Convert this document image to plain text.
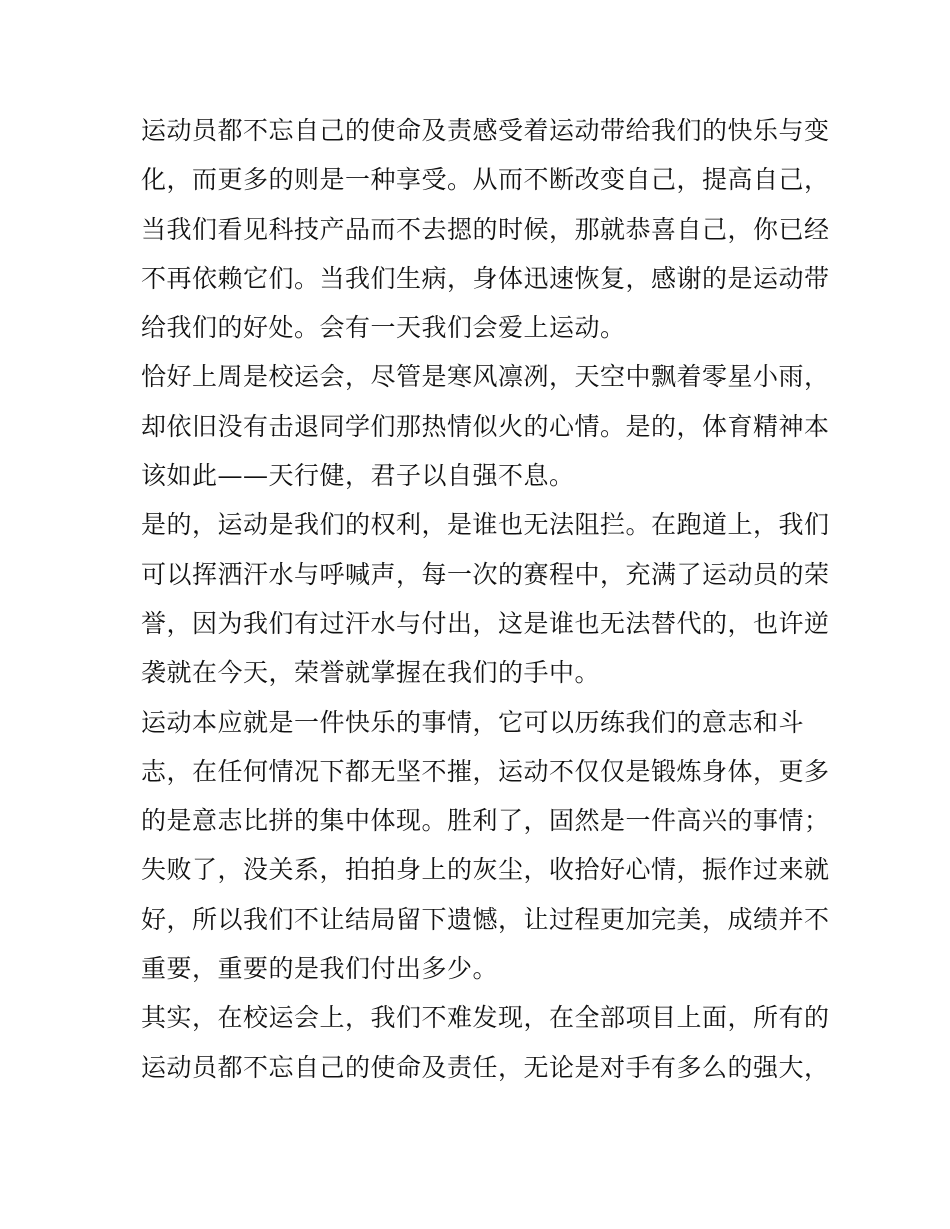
运动员都不忘自己的使命及责感受着运动带给我们的快乐与变
化，而更多的则是一种享受。从而不断改变自己，提高自己，
当我们看见科技产品而不去摁的时候，那就恭喜自己，你已经
不再依赖它们。当我们生病，身体迅速恢复，感谢的是运动带
给我们的好处。会有一天我们会爱上运动。
恰好上周是校运会，尽管是寒风凛冽，天空中飘着零星小雨，
却依旧没有击退同学们那热情似火的心情。是的，体育精神本
该如此——天行健，君子以自强不息。
是的，运动是我们的权利，是谁也无法阻拦。在跑道上，我们
可以挥洒汗水与呼喊声，每一次的赛程中，充满了运动员的荣
誉，因为我们有过汗水与付出，这是谁也无法替代的，也许逆
袭就在今天，荣誉就掌握在我们的手中。
运动本应就是一件快乐的事情，它可以历练我们的意志和斗
志，在任何情况下都无坚不摧，运动不仅仅是锻炼身体，更多
的是意志比拼的集中体现。胜利了，固然是一件高兴的事情；
失败了，没关系，拍拍身上的灰尘，收拾好心情，振作过来就
好，所以我们不让结局留下遗憾，让过程更加完美，成绩并不
重要，重要的是我们付出多少。
其实，在校运会上，我们不难发现，在全部项目上面，所有的
运动员都不忘自己的使命及责任，无论是对手有多么的强大，
